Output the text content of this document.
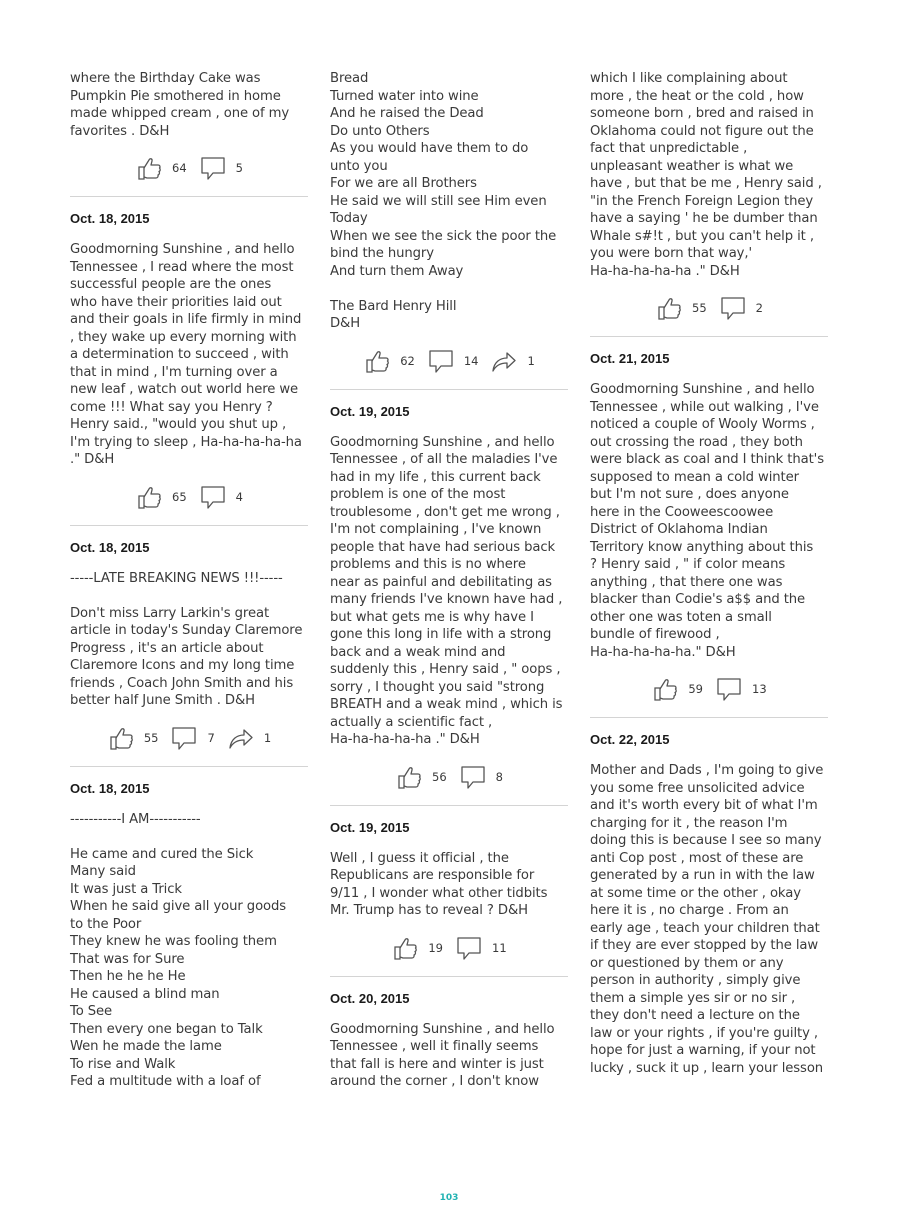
where the Birthday Cake was
Pumpkin Pie smothered in home
made whipped cream , one of my
favorites . D&H

64	5
Oct. 18, 2015

Goodmorning Sunshine , and hello
Tennessee , I read where the most
successful people are the ones
who have their priorities laid out
and their goals in life firmly in mind
, they wake up every morning with
a determination to succeed , with
that in mind , I'm turning over a
new leaf , watch out world here we
come !!! What say you Henry ?
Henry said., "would you shut up ,
I'm trying to sleep , Ha-ha-ha-ha-ha
." D&H

65	4
Oct. 18, 2015

-----LATE BREAKING NEWS !!!-----

Don't miss Larry Larkin's great
article in today's Sunday Claremore
Progress , it's an article about
Claremore Icons and my long time
friends , Coach John Smith and his
better half June Smith . D&H

55	7	1
Oct. 18, 2015

-----------I AM-----------

He came and cured the Sick
Many said
It was just a Trick
When he said give all your goods
to the Poor
They knew he was fooling them
That was for Sure
Then he he he He
He caused a blind man
To See
Then every one began to Talk
Wen he made the lame
To rise and Walk
Fed a multitude with a loaf of

Bread
Turned water into wine
And he raised the Dead
Do unto Others
As you would have them to do
unto you
For we are all Brothers
He said we will still see Him even
Today
When we see the sick the poor the
bind the hungry
And turn them Away

The Bard Henry Hill
D&H

62	14	1
Oct. 19, 2015

Goodmorning Sunshine , and hello
Tennessee , of all the maladies I've
had in my life , this current back
problem is one of the most
troublesome , don't get me wrong ,
I'm not complaining , I've known
people that have had serious back
problems and this is no where
near as painful and debilitating as
many friends I've known have had ,
but what gets me is why have I
gone this long in life with a strong
back and a weak mind and
suddenly this , Henry said , " oops ,
sorry , I thought you said "strong
BREATH and a weak mind , which is
actually a scientific fact ,
Ha-ha-ha-ha-ha ." D&H

56	8
Oct. 19, 2015

Well , I guess it official , the
Republicans are responsible for
9/11 , I wonder what other tidbits
Mr. Trump has to reveal ? D&H

19	11
Oct. 20, 2015

Goodmorning Sunshine , and hello
Tennessee , well it finally seems
that fall is here and winter is just
around the corner , I don't know

which I like complaining about
more , the heat or the cold , how
someone born , bred and raised in
Oklahoma could not figure out the
fact that unpredictable ,
unpleasant weather is what we
have , but that be me , Henry said ,
"in the French Foreign Legion they
have a saying ' he be dumber than
Whale s#!t , but you can't help it ,
you were born that way,'
Ha-ha-ha-ha-ha ." D&H

55	2
Oct. 21, 2015

Goodmorning Sunshine , and hello
Tennessee , while out walking , I've
noticed a couple of Wooly Worms ,
out crossing the road , they both
were black as coal and I think that's
supposed to mean a cold winter
but I'm not sure , does anyone
here in the Cooweescoowee
District of Oklahoma Indian
Territory know anything about this
? Henry said , " if color means
anything , that there one was
blacker than Codie's a$$ and the
other one was toten a small
bundle of firewood ,
Ha-ha-ha-ha-ha." D&H

59	13
Oct. 22, 2015

Mother and Dads , I'm going to give
you some free unsolicited advice
and it's worth every bit of what I'm
charging for it , the reason I'm
doing this is because I see so many
anti Cop post , most of these are
generated by a run in with the law
at some time or the other , okay
here it is , no charge . From an
early age , teach your children that
if they are ever stopped by the law
or questioned by them or any
person in authority , simply give
them a simple yes sir or no sir ,
they don't need a lecture on the
law or your rights , if you're guilty ,
hope for just a warning, if your not
lucky , suck it up , learn your lesson

103
